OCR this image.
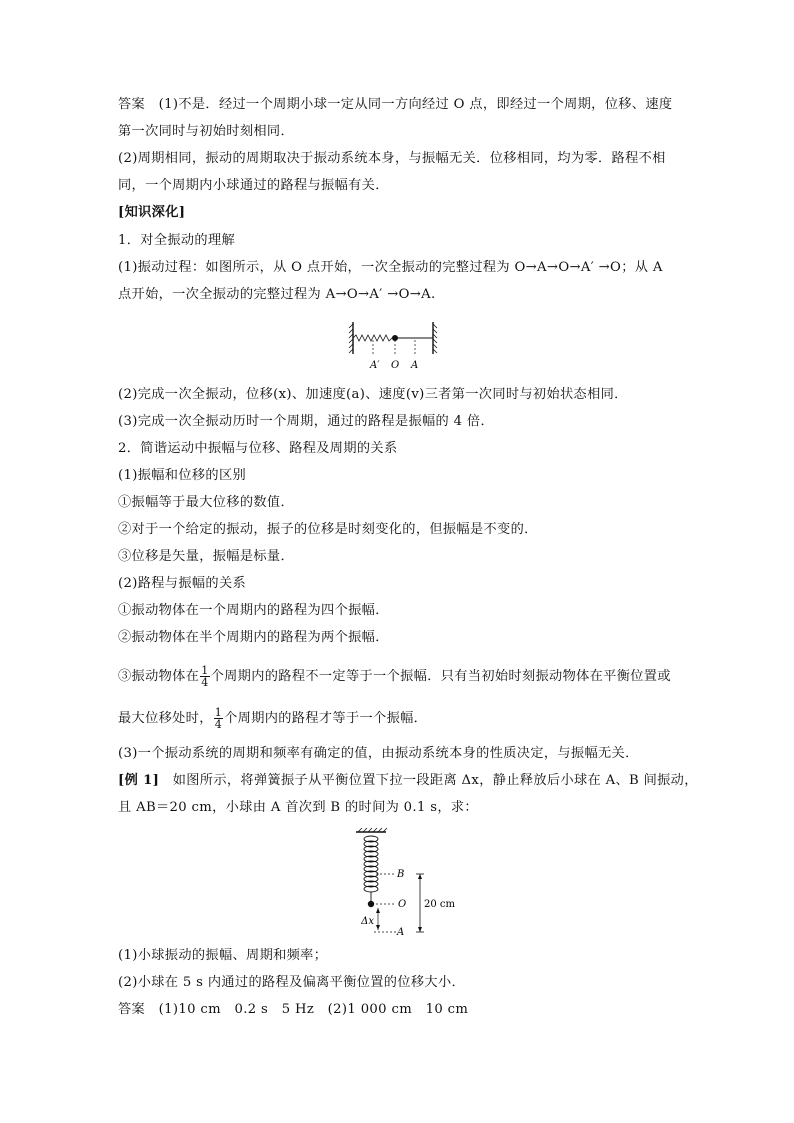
答案　(1)不是．经过一个周期小球一定从同一方向经过 O 点，即经过一个周期，位移、速度
第一次同时与初始时刻相同．
(2)周期相同，振动的周期取决于振动系统本身，与振幅无关．位移相同，均为零．路程不相
同，一个周期内小球通过的路程与振幅有关．
[知识深化]
1．对全振动的理解
(1)振动过程：如图所示，从 O 点开始，一次全振动的完整过程为 O→A→O→A′ →O；从 A
点开始，一次全振动的完整过程为 A→O→A′ →O→A.
A′ O A
(2)完成一次全振动，位移(x)、加速度(a)、速度(v)三者第一次同时与初始状态相同．
(3)完成一次全振动历时一个周期，通过的路程是振幅的 4 倍．
2．简谐运动中振幅与位移、路程及周期的关系
(1)振幅和位移的区别
①振幅等于最大位移的数值．
②对于一个给定的振动，振子的位移是时刻变化的，但振幅是不变的．
③位移是矢量，振幅是标量．
(2)路程与振幅的关系
①振动物体在一个周期内的路程为四个振幅．
②振动物体在半个周期内的路程为两个振幅．
③振动物体在 $\frac{1}{4}$ 个周期内的路程不一定等于一个振幅．只有当初始时刻振动物体在平衡位置或
最大位移处时， $\frac{1}{4}$ 个周期内的路程才等于一个振幅．
(3)一个振动系统的周期和频率有确定的值，由振动系统本身的性质决定，与振幅无关．
[例 1]　如图所示，将弹簧振子从平衡位置下拉一段距离 Δx，静止释放后小球在 A、B 间振动，
且 AB＝20 cm，小球由 A 首次到 B 的时间为 0.1 s，求：
B
O
A
Δx
20 cm
(1)小球振动的振幅、周期和频率；
(2)小球在 5 s 内通过的路程及偏离平衡位置的位移大小．
答案　(1)10 cm　0.2 s　5 Hz　(2)1 000 cm　10 cm
